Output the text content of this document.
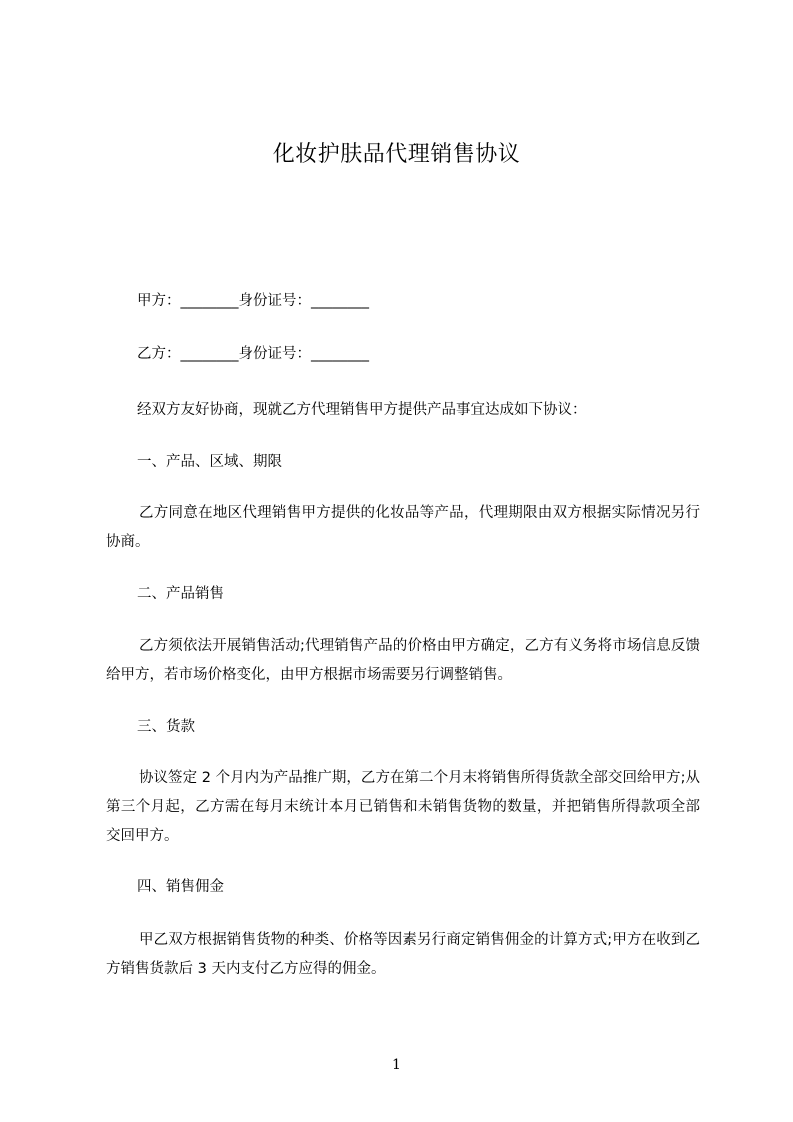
化妆护肤品代理销售协议
甲方：________身份证号：________
乙方：________身份证号：________
经双方友好协商，现就乙方代理销售甲方提供产品事宜达成如下协议：
一、产品、区域、期限
乙方同意在地区代理销售甲方提供的化妆品等产品，代理期限由双方根据实际情况另行协商。
二、产品销售
乙方须依法开展销售活动;代理销售产品的价格由甲方确定，乙方有义务将市场信息反馈给甲方，若市场价格变化，由甲方根据市场需要另行调整销售。
三、货款
协议签定 2 个月内为产品推广期，乙方在第二个月末将销售所得货款全部交回给甲方;从第三个月起，乙方需在每月末统计本月已销售和未销售货物的数量，并把销售所得款项全部交回甲方。
四、销售佣金
甲乙双方根据销售货物的种类、价格等因素另行商定销售佣金的计算方式;甲方在收到乙方销售货款后 3 天内支付乙方应得的佣金。
1
